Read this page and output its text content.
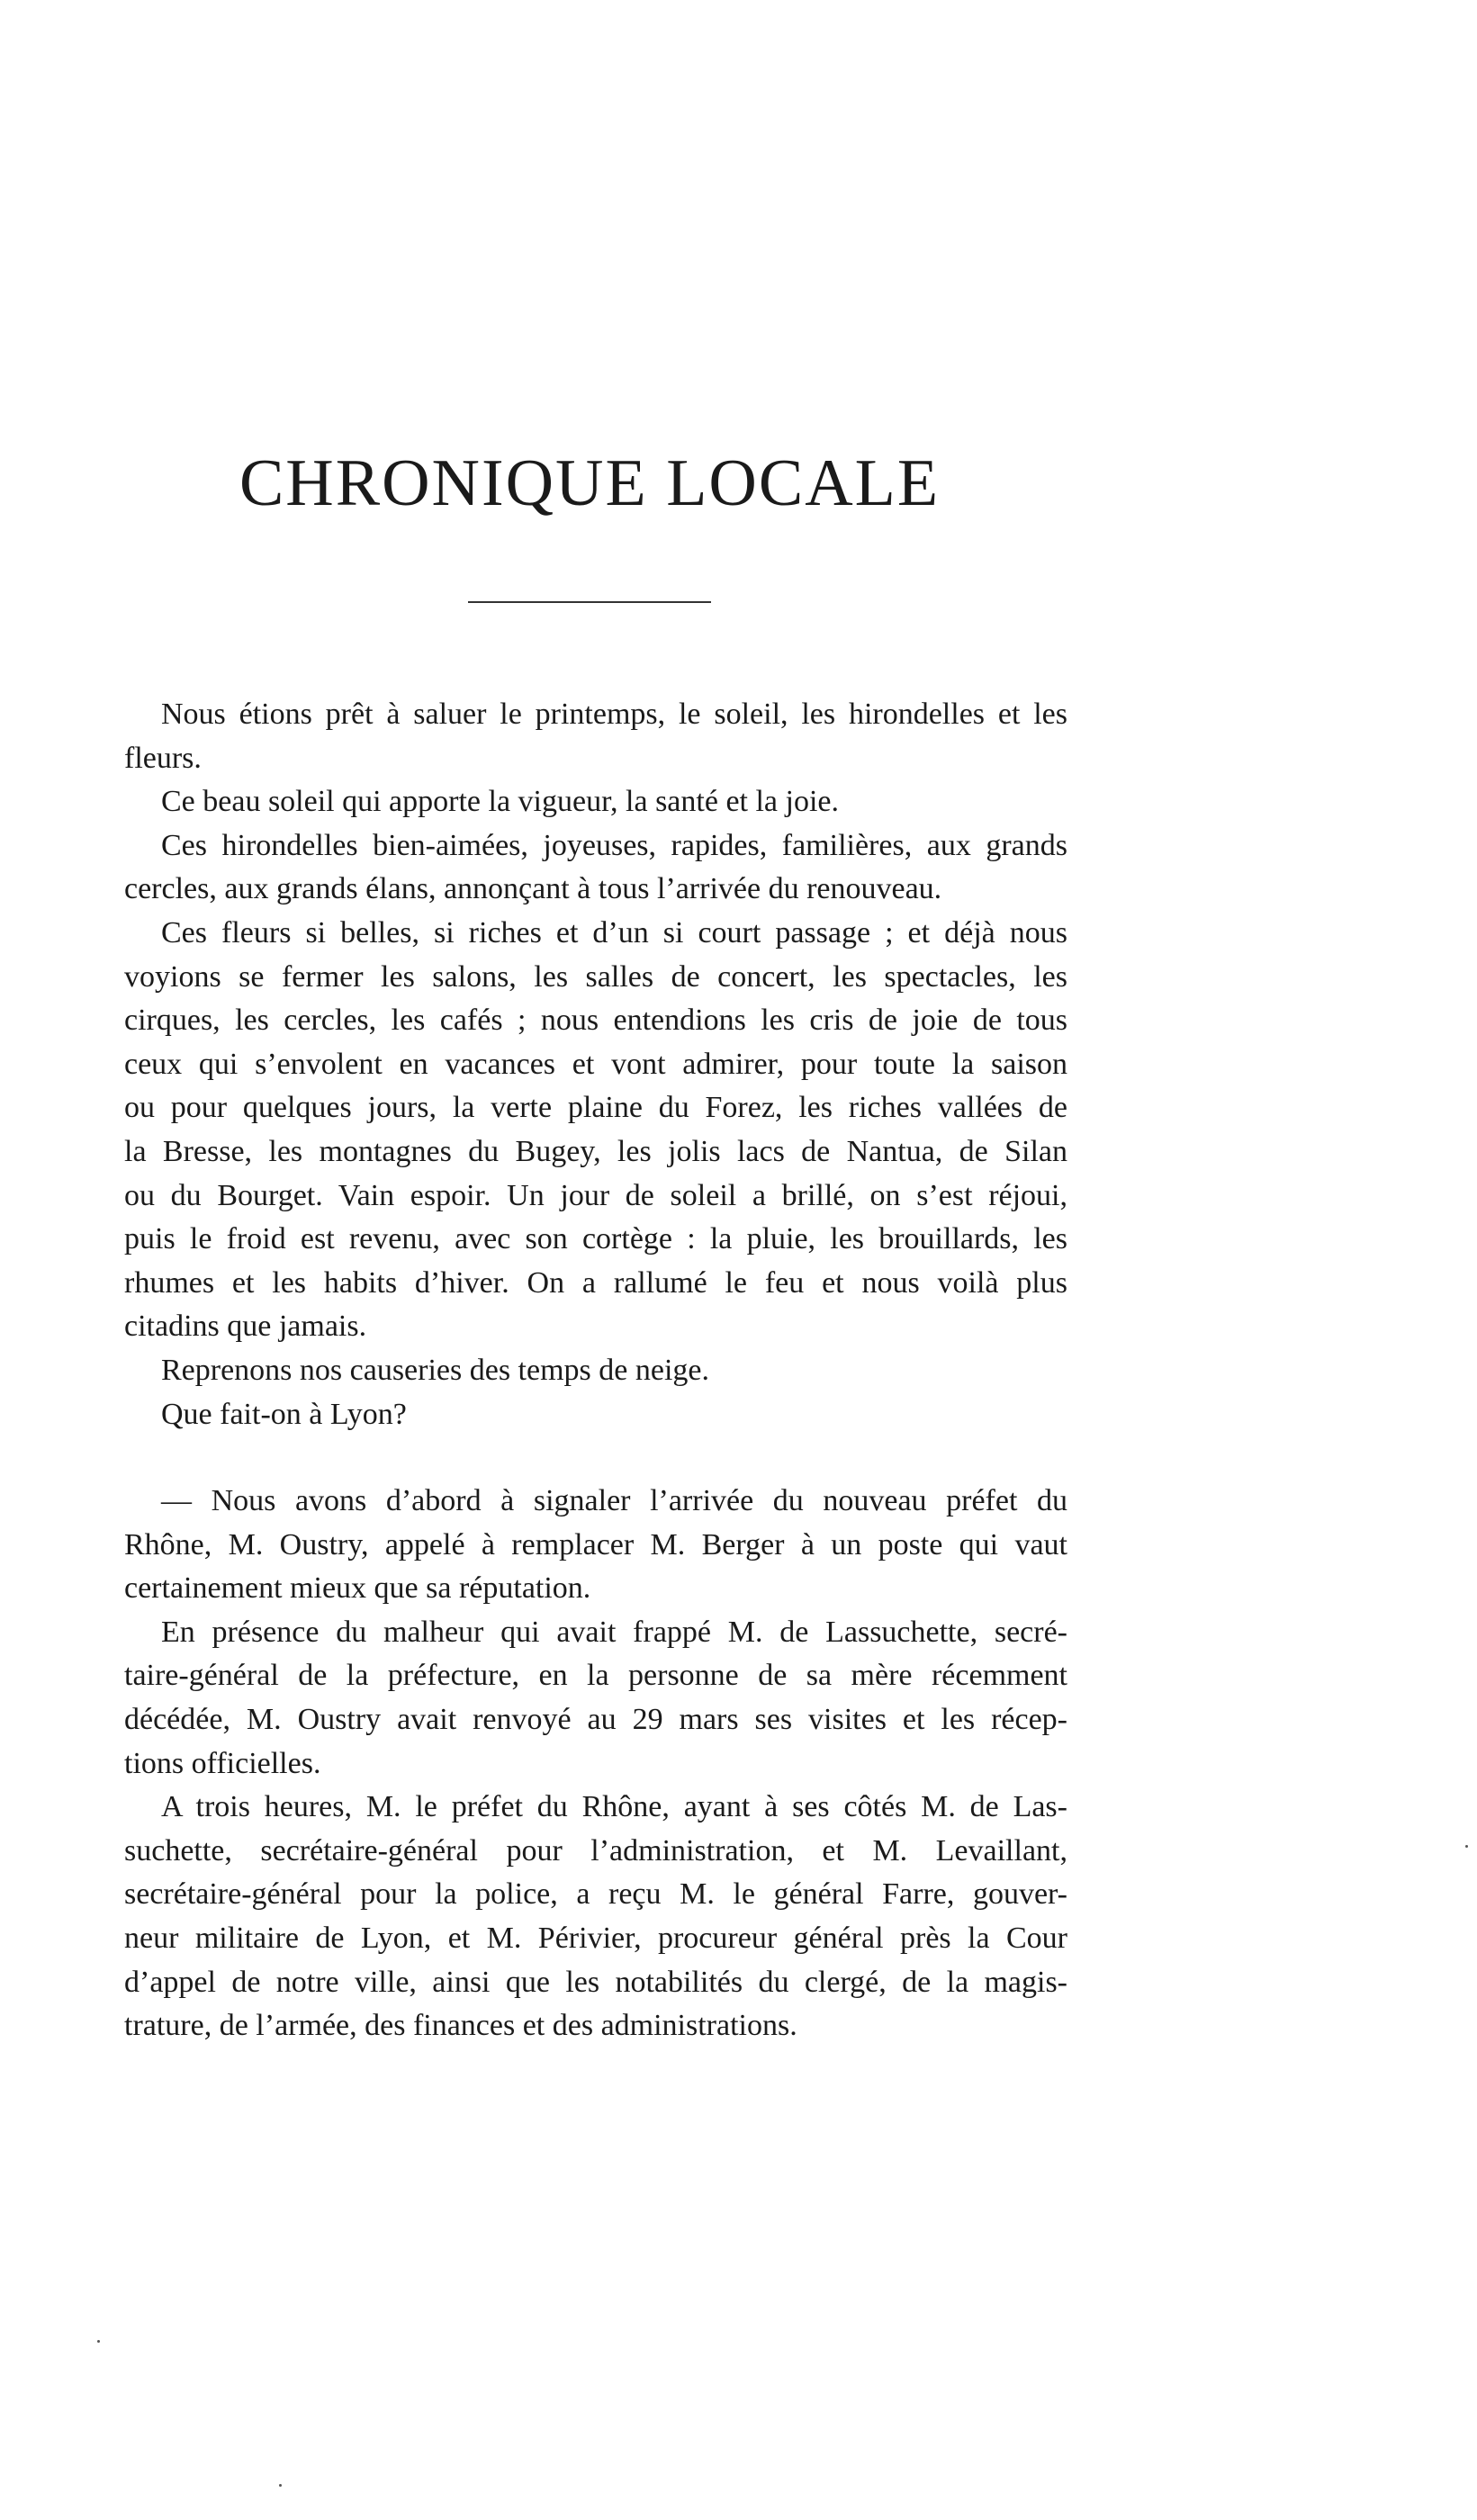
CHRONIQUE LOCALE
Nous étions prêt à saluer le printemps, le soleil, les hirondelles et les
fleurs.
Ce beau soleil qui apporte la vigueur, la santé et la joie.
Ces hirondelles bien-aimées, joyeuses, rapides, familières, aux grands
cercles, aux grands élans, annonçant à tous l’arrivée du renouveau.
Ces fleurs si belles, si riches et d’un si court passage ; et déjà nous
voyions se fermer les salons, les salles de concert, les spectacles, les
cirques, les cercles, les cafés ; nous entendions les cris de joie de tous
ceux qui s’envolent en vacances et vont admirer, pour toute la saison
ou pour quelques jours, la verte plaine du Forez, les riches vallées de
la Bresse, les montagnes du Bugey, les jolis lacs de Nantua, de Silan
ou du Bourget. Vain espoir. Un jour de soleil a brillé, on s’est réjoui,
puis le froid est revenu, avec son cortège : la pluie, les brouillards, les
rhumes et les habits d’hiver. On a rallumé le feu et nous voilà plus
citadins que jamais.
Reprenons nos causeries des temps de neige.
Que fait-on à Lyon?
— Nous avons d’abord à signaler l’arrivée du nouveau préfet du
Rhône, M. Oustry, appelé à remplacer M. Berger à un poste qui vaut
certainement mieux que sa réputation.
En présence du malheur qui avait frappé M. de Lassuchette, secré-
taire-général de la préfecture, en la personne de sa mère récemment
décédée, M. Oustry avait renvoyé au 29 mars ses visites et les récep-
tions officielles.
A trois heures, M. le préfet du Rhône, ayant à ses côtés M. de Las-
suchette, secrétaire-général pour l’administration, et M. Levaillant,
secrétaire-général pour la police, a reçu M. le général Farre, gouver-
neur militaire de Lyon, et M. Périvier, procureur général près la Cour
d’appel de notre ville, ainsi que les notabilités du clergé, de la magis-
trature, de l’armée, des finances et des administrations.
